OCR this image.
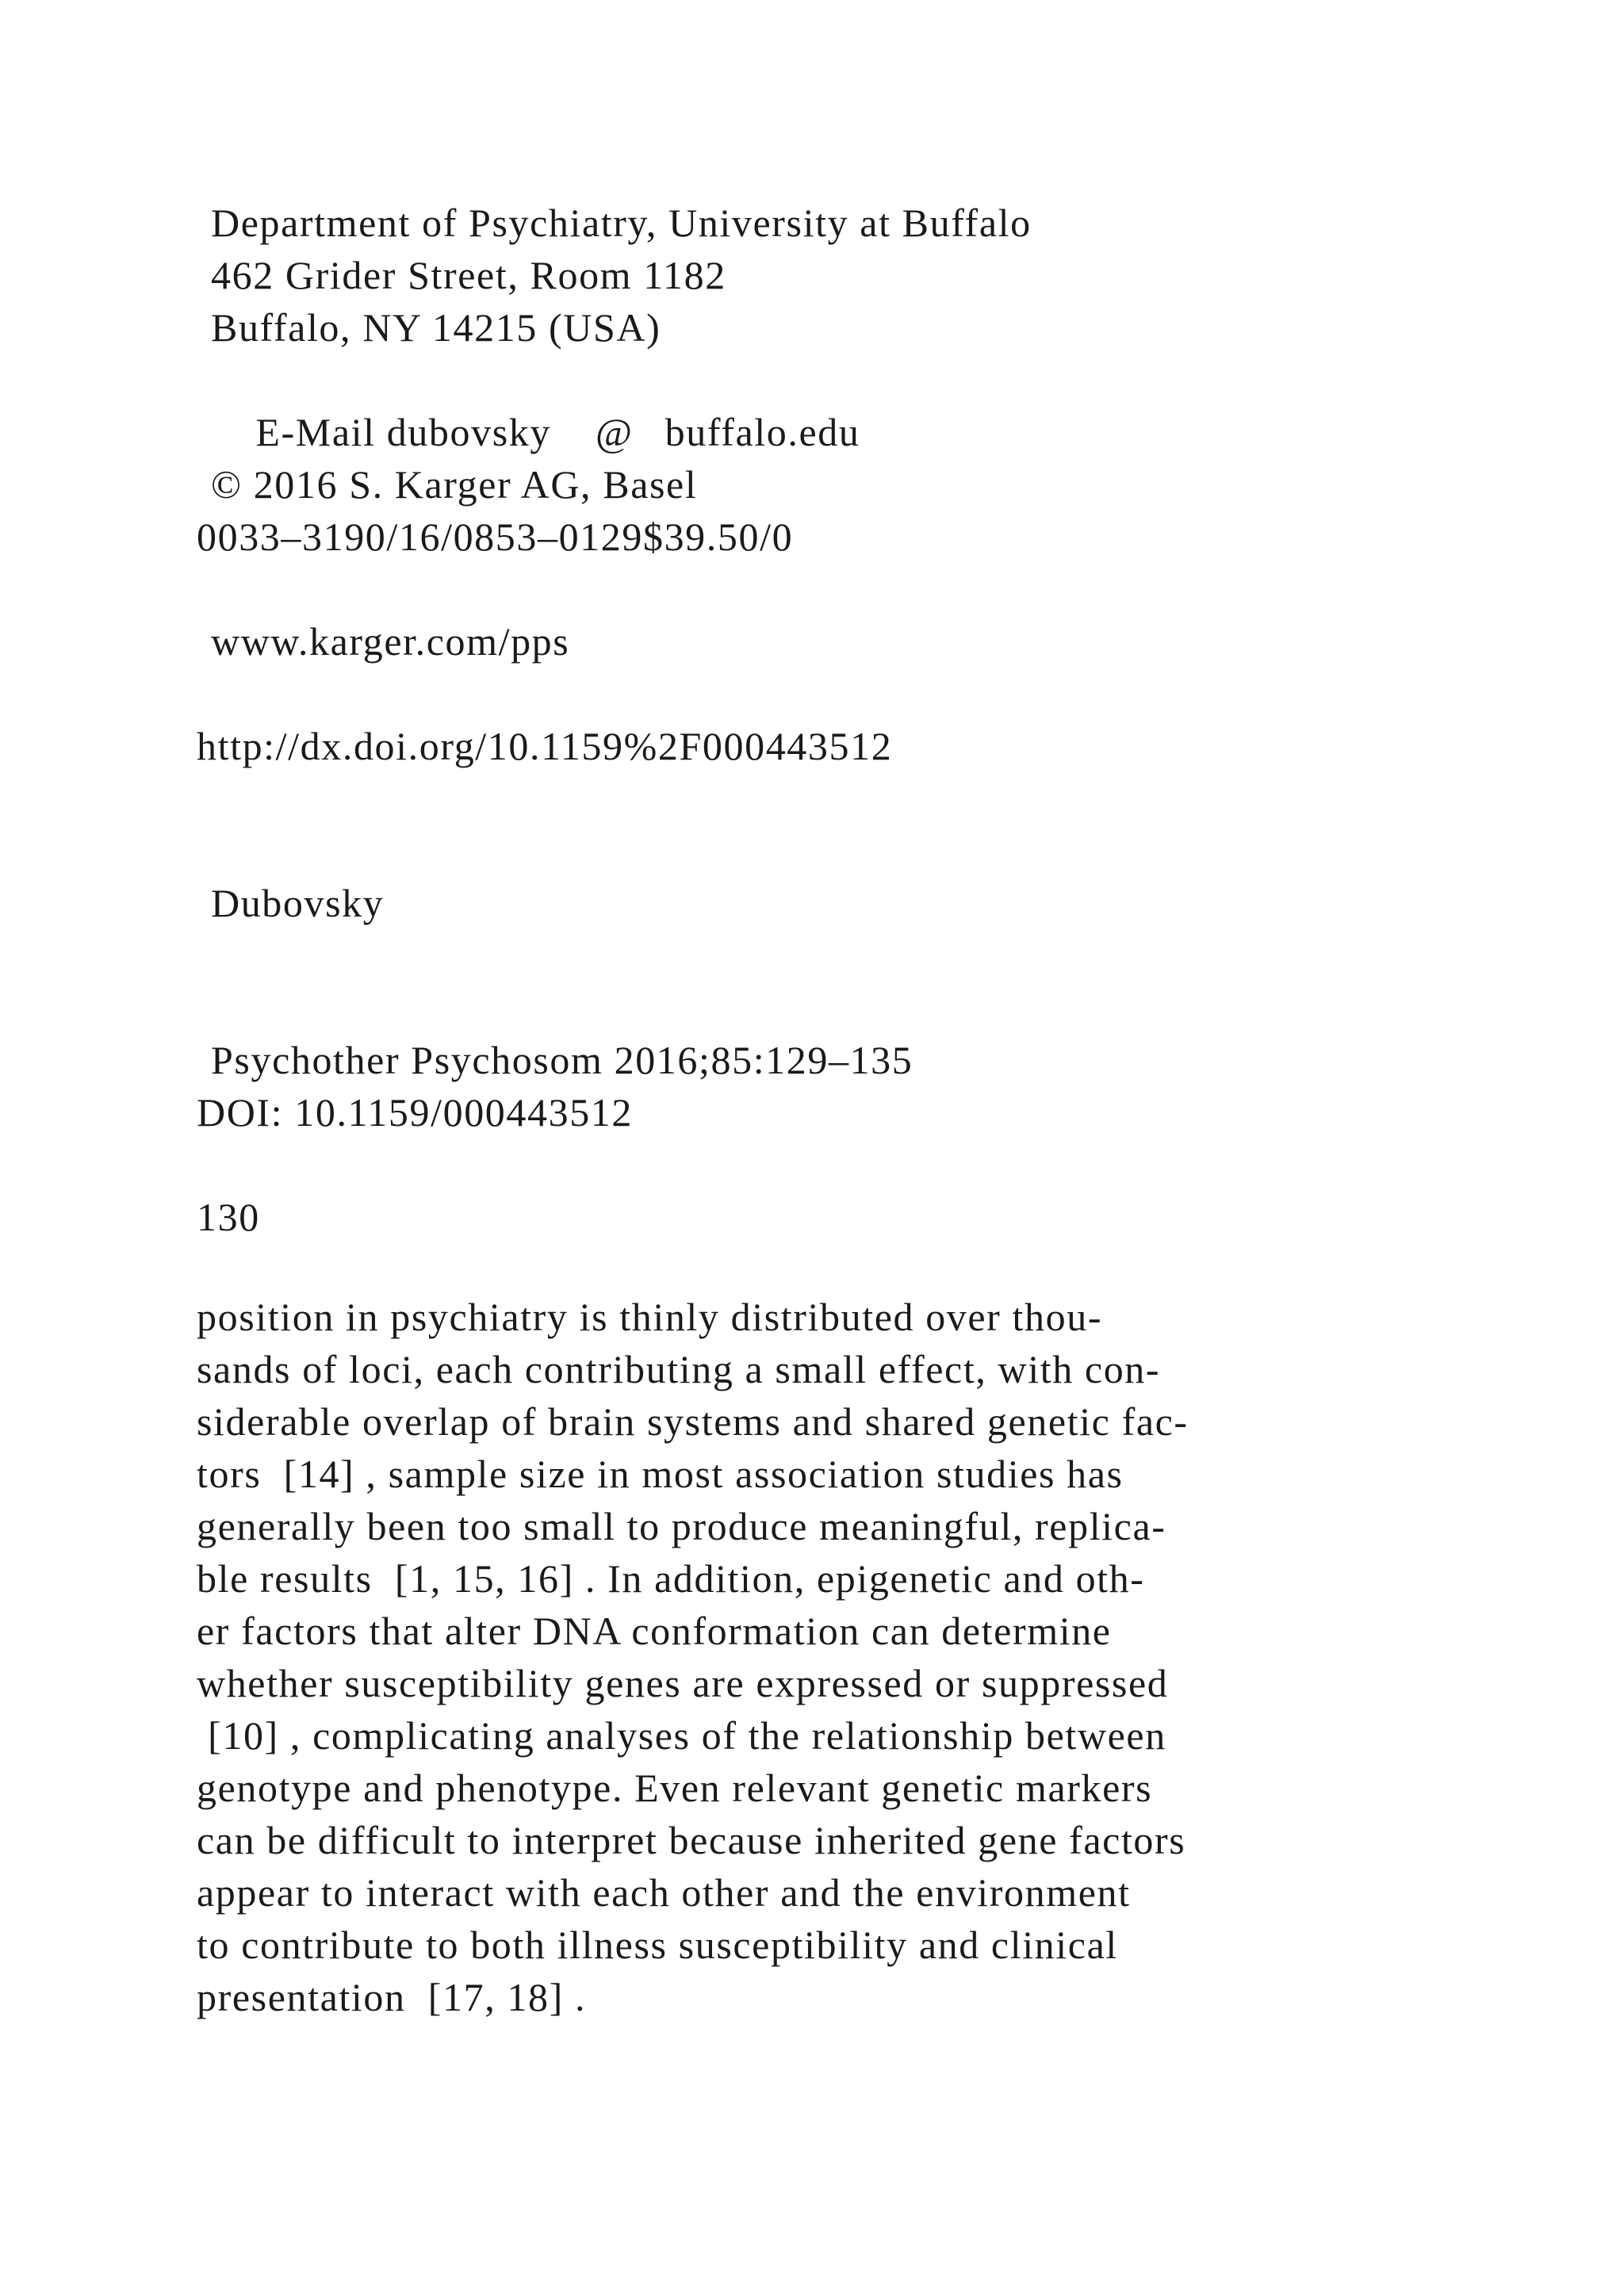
Department of Psychiatry, University at Buffalo
462 Grider Street, Room 1182
Buffalo, NY 14215 (USA)

E-Mail dubovsky @ buffalo.edu

© 2016 S. Karger AG, Basel
0033–3190/16/0853–0129$39.50/0
www.karger.com/pps
http://dx.doi.org/10.1159%2F000443512
Dubovsky
Psychother Psychosom 2016;85:129–135
DOI: 10.1159/000443512
130
position in psychiatry is thinly distributed over thou-
sands of loci, each contributing a small effect, with con-
siderable overlap of brain systems and shared genetic fac-
tors  [14] , sample size in most association studies has
generally been too small to produce meaningful, replica-
ble results  [1, 15, 16] . In addition, epigenetic and oth-
er factors that alter DNA conformation can determine
whether susceptibility genes are expressed or suppressed
[10] , complicating analyses of the relationship between
genotype and phenotype. Even relevant genetic markers
can be difficult to interpret because inherited gene factors
appear to interact with each other and the environment
to contribute to both illness susceptibility and clinical
presentation  [17, 18] .
